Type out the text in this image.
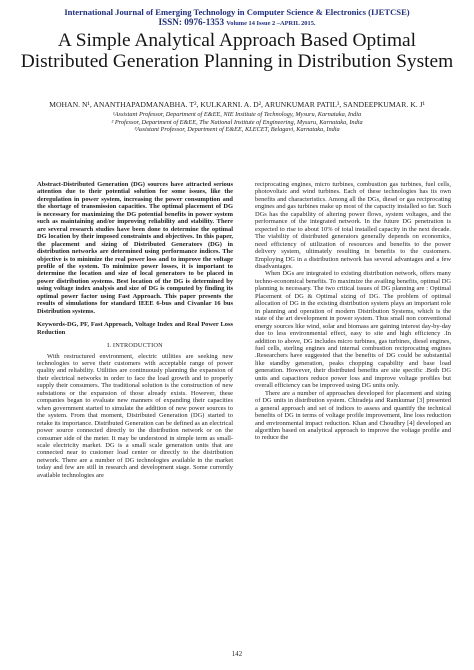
International Journal of Emerging Technology in Computer Science & Electronics (IJETCSE)
ISSN: 0976-1353 Volume 14 Issue 2 –APRIL 2015.
A Simple Analytical Approach Based Optimal Distributed Generation Planning in Distribution System
MOHAN. N¹, ANANTHAPADMANABHA. T², KULKARNI. A. D², ARUNKUMAR PATIL³, SANDEEPKUMAR. K. J¹
¹Assistant Professor, Department of E&EE, NIE Institute of Technology, Mysuru, Karnataka, India
² Professor, Department of E&EE, The National Institute of Engineering, Mysuru, Karnataka, India
³Assistant Professor, Department of E&EE, KLECET, Belagavi, Karnataka, India

Abstract-Distributed Generation (DG) sources have attracted serious attention due to their potential solution for some issues, like the deregulation in power system, increasing the power consumption and the shortage of transmission capacities. The optimal placement of DG is necessary for maximizing the DG potential benefits in power system such as maintaining and/or improving reliability and stability. There are several research studies have been done to determine the optimal DG location by their imposed constraints and objectives. In this paper, the placement and sizing of Distributed Generators (DG) in distribution networks are determined using performance indices. The objective is to minimize the real power loss and to improve the voltage profile of the system. To minimize power losses, it is important to determine the location and size of local generators to be placed in power distribution systems. Best location of the DG is determined by using voltage index analysis and size of DG is computed by finding its optimal power factor using Fast Approach. This paper presents the results of simulations for standard IEEE 6-bus and Civanlar 16 bus Distribution systems.

Keywords-DG, PF, Fast Approach, Voltage Index and Real Power Loss Reduction

I. INTRODUCTION

With restructured environment, electric utilities are seeking new technologies to serve their customers with acceptable range of power quality and reliability. Utilities are continuously planning the expansion of their electrical networks in order to face the load growth and to properly supply their consumers. The traditional solution is the construction of new substations or the expansion of those already exists. However, these companies began to evaluate new manners of expanding their capacities when government started to simulate the addition of new power sources to the system. From that moment, Distributed Generation (DG) started to retake its importance. Distributed Generation can be defined as an electrical power source connected directly to the distribution network or on the consumer side of the meter. It may be understood in simple term as small-scale electricity market. DG is a small scale generation units that are connected near to customer load center or directly to the distribution network. There are a number of DG technologies available in the market today and few are still in research and development stage. Some currently available technologies are

reciprocating engines, micro turbines, combustion gas turbines, fuel cells, photovoltaic and wind turbines. Each of these technologies has its own benefits and characteristics. Among all the DGs, diesel or gas reciprocating engines and gas turbines make up most of the capacity installed so far. Such DGs has the capability of altering power flows, system voltages, and the performance of the integrated network. In the future DG penetration is expected to rise to about 10% of total installed capacity in the next decade. The viability of distributed generators generally depends on economics, need efficiency of utilization of resources and benefits to the power delivery system, ultimately resulting in benefits to the customers. Employing DG in a distribution network has several advantages and a few disadvantages.

When DGs are integrated to existing distribution network, offers many techno-economical benefits. To maximize the availing benefits, optimal DG planning is necessary. The two critical issues of DG planning are : Optimal Placement of DG & Optimal sizing of DG. The problem of optimal allocation of DG in the existing distribution system plays an important role in planning and operation of modern Distribution Systems, which is the state of the art development in power system. Thus small non conventional energy sources like wind, solar and biomass are gaining interest day-by-day due to less environmental effect, easy to site and high efficiency .In addition to above, DG includes micro turbines, gas turbines, diesel engines, fuel cells, sterling engines and internal combustion reciprocating engines .Researchers have suggested that the benefits of DG could be substantial like standby generation, peaks chopping capability and base load generation. However, their distributed benefits are site specific .Both DG units and capacitors reduce power loss and improve voltage profiles but overall efficiency can be improved using DG units only.

There are a number of approaches developed for placement and sizing of DG units in distribution system. Chiradeja and Ramkumar [3] presented a general approach and set of indices to assess and quantify the technical benefits of DG in terms of voltage profile improvement, line loss reduction and environmental impact reduction. Khan and Choudhry [4] developed an algorithm based on analytical approach to improve the voltage profile and to reduce the

142
